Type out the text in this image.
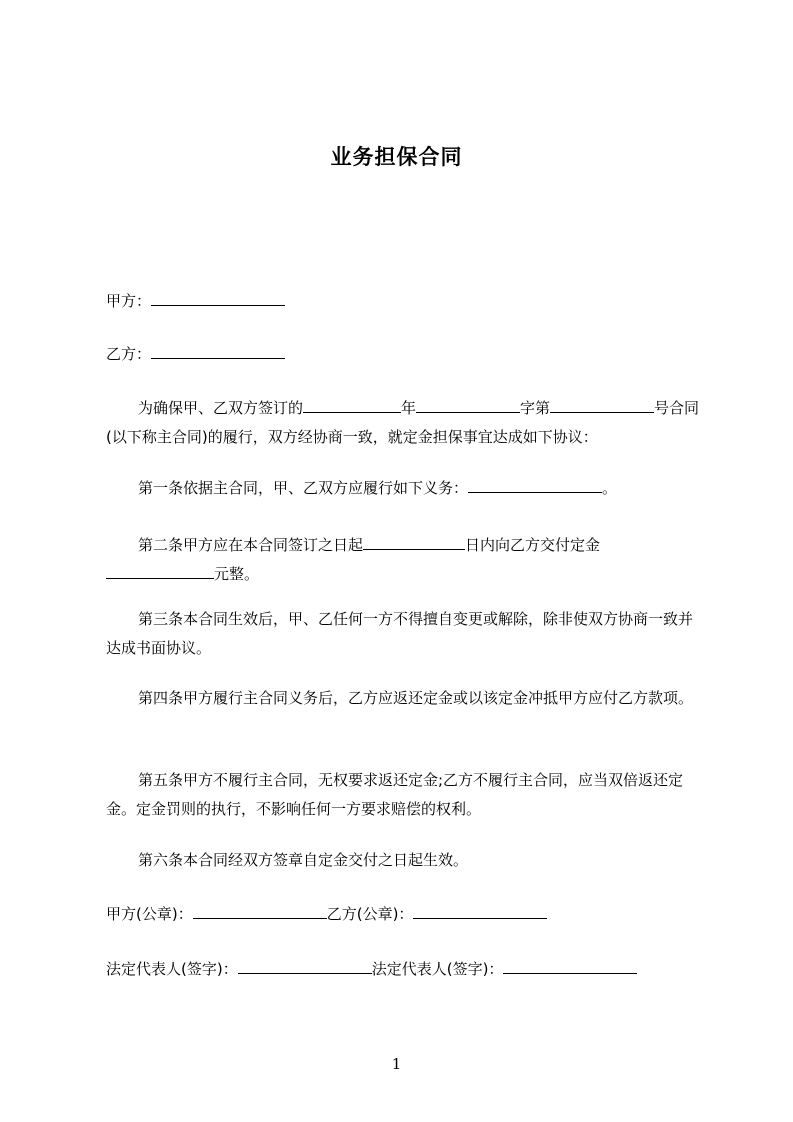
业务担保合同
甲方：
乙方：
为确保甲、乙双方签订的	年	字第	号合同(以下称主合同)的履行，双方经协商一致，就定金担保事宜达成如下协议：
第一条依据主合同，甲、乙双方应履行如下义务：	。
第二条甲方应在本合同签订之日起	日内向乙方交付定金元整。
第三条本合同生效后，甲、乙任何一方不得擅自变更或解除，除非使双方协商一致并达成书面协议。
第四条甲方履行主合同义务后，乙方应返还定金或以该定金冲抵甲方应付乙方款项。
第五条甲方不履行主合同，无权要求返还定金;乙方不履行主合同，应当双倍返还定金。定金罚则的执行，不影响任何一方要求赔偿的权利。
第六条本合同经双方签章自定金交付之日起生效。
甲方(公章)：	乙方(公章)：
法定代表人(签字)：	法定代表人(签字)：
1
